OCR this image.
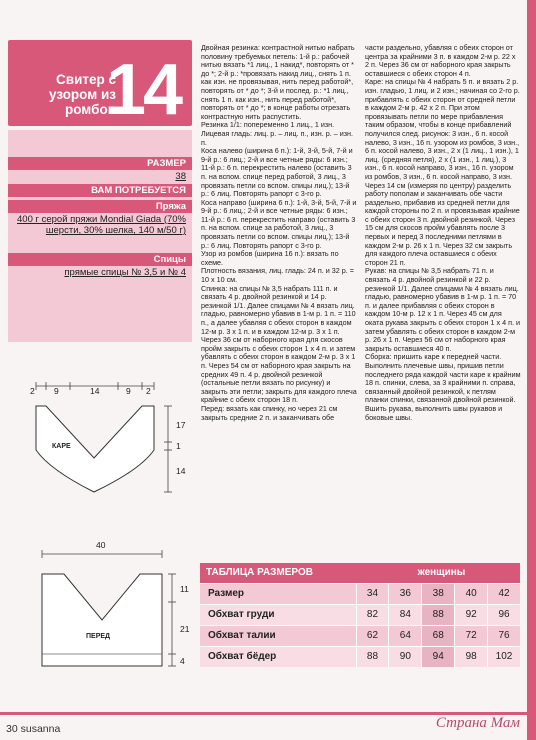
Свитер с узором из ромбов
14
РАЗМЕР
38
ВАМ ПОТРЕБУЕТСЯ
Пряжа
400 г серой пряжи Mondial Giada (70% шерсти, 30% шелка, 140 м/50 г)
Спицы
прямые спицы № 3,5 и № 4
Двойная резинка: контрастной нитью набрать половину требуемых петель: 1-й р.: рабочей нитью вязать *1 лиц., 1 накид*, повторять от * до *; 2-й р.: *провязать накид лиц., снять 1 п. как изн. не провязывая, нить перед работой*, повторять от * до *; 3-й и послед. р.: *1 лиц., снять 1 п. как изн., нить перед работой*, повторять от * до *; в конце работы отрезать контрастную нить распустить.
Резинка 1/1: попеременно 1 лиц., 1 изн.
Лицевая гладь: лиц. р. – лиц. п., изн. р. – изн. п.
Коса налево (ширина 6 п.): 1-й, 3-й, 5-й, 7-й и 9-й р.: 6 лиц.; 2-й и все четные ряды: 6 изн.; 11-й р.: 6 п. перекрестить налево (оставить 3 п. на вспом. спице перед работой, 3 лиц., 3 провязать петли со вспом. спицы лиц.); 13-й р.: 6 лиц. Повторять рапорт с 3-го р.
Коса направо (ширина 6 п.): 1-й, 3-й, 5-й, 7-й и 9-й р.: 6 лиц.; 2-й и все четные ряды: 6 изн.; 11-й р.: 6 п. перекрестить направо (оставить 3 п. на вспом. спице за работой, 3 лиц., 3 провязать петли со вспом. спицы лиц.); 13-й р.: 6 лиц. Повторять рапорт с 3-го р.
Узор из ромбов (ширина 16 п.): вязать по схеме.
Плотность вязания, лиц. гладь: 24 п. и 32 р. = 10 х 10 см.
Спинка: на спицы № 3,5 набрать 111 п. и связать 4 р. двойной резинкой и 14 р. резинкой 1/1. Далее спицами № 4 вязать лиц. гладью, равномерно убавив в 1-м р. 1 п. = 110 п., а далее убавляя с обеих сторон в каждом 12-м р. 3 х 1 п. и в каждом 12-м р. 3 х 1 п. Через 36 см от наборного края для скосов пройм закрыть с обеих сторон 1 х 4 п. и затем убавлять с обеих сторон в каждом 2-м р. 3 х 1 п. Через 54 см от наборного края закрыть на средних 49 п. 4 р. двойной резинкой (остальные петли вязать по рисунку) и закрыть эти петли; закрыть для каждого плеча крайние с обеих сторон 18 п.
Перед: вязать как спинку, но через 21 см закрыть средние 2 п. и заканчивать обе
части раздельно, убавляя с обеих сторон от центра за крайними 3 п. в каждом 2-м р. 22 х 2 п. Через 36 см от наборного края закрыть оставшиеся с обеих сторон 4 п.
Каре: на спицы № 4 набрать 5 п. и вязать 2 р. изн. гладью, 1 лиц. и 2 изн.; начиная со 2-го р. прибавлять с обеих сторон от средней петли в каждом 2-м р. 42 х 2 п. При этом провязывать петли по мере прибавления таким образом, чтобы в конце прибавлений получился след. рисунок: 3 изн., 6 п. косой налево, 3 изн., 16 п. узором из ромбов, 3 изн., 6 п. косой налево, 3 изн., 2 х (1 лиц., 1 изн.), 1 лиц. (средняя петля), 2 х (1 изн., 1 лиц.), 3 изн., 6 п. косой направо, 3 изн., 16 п. узором из ромбов, 3 изн., 6 п. косой направо, 3 изн. Через 14 см (измеряя по центру) разделить работу пополам и заканчивать обе части раздельно, прибавив из средней петли для каждой стороны по 2 п. и провязывая крайние с обеих сторон 3 п. двойной резинкой. Через 15 см для скосов пройм убавлять после 3 первых и перед 3 последними петлями в каждом 2-м р. 26 х 1 п. Через 32 см закрыть для каждого плеча оставшиеся с обеих сторон 21 п.
Рукав: на спицы № 3,5 набрать 71 п. и связать 4 р. двойной резинкой и 22 р. резинкой 1/1. Далее спицами № 4 вязать лиц. гладью, равномерно убавив в 1-м р. 1 п. = 70 п. и далее прибавляя с обеих сторон в каждом 10-м р. 12 х 1 п. Через 45 см для оката рукава закрыть с обеих сторон 1 х 4 п. и затем убавлять с обеих сторон в каждом 2-м р. 26 х 1 п. Через 56 см от наборного края закрыть оставшиеся 40 п.
Сборка: пришить каре к передней части. Выполнить плечевые швы, пришив петли последнего ряда каждой части каре к крайним 18 п. спинки, слева, за 3 крайними п. справа, связанный двойной резинкой, к петлям планки спинки, связанной двойной резинкой. Вшить рукава, выполнить швы рукавов и боковые швы.
2 9	14	9 2
17
1
14
КАРЕ
40
11
21
4
ПЕРЕД
ТАБЛИЦА РАЗМЕРОВ	женщины
Размер	34	36	38	40	42
Обхват груди	82	84	88	92	96
Обхват талии	62	64	68	72	76
Обхват бёдер	88	90	94	98	102
30 susanna	Страна Мам
